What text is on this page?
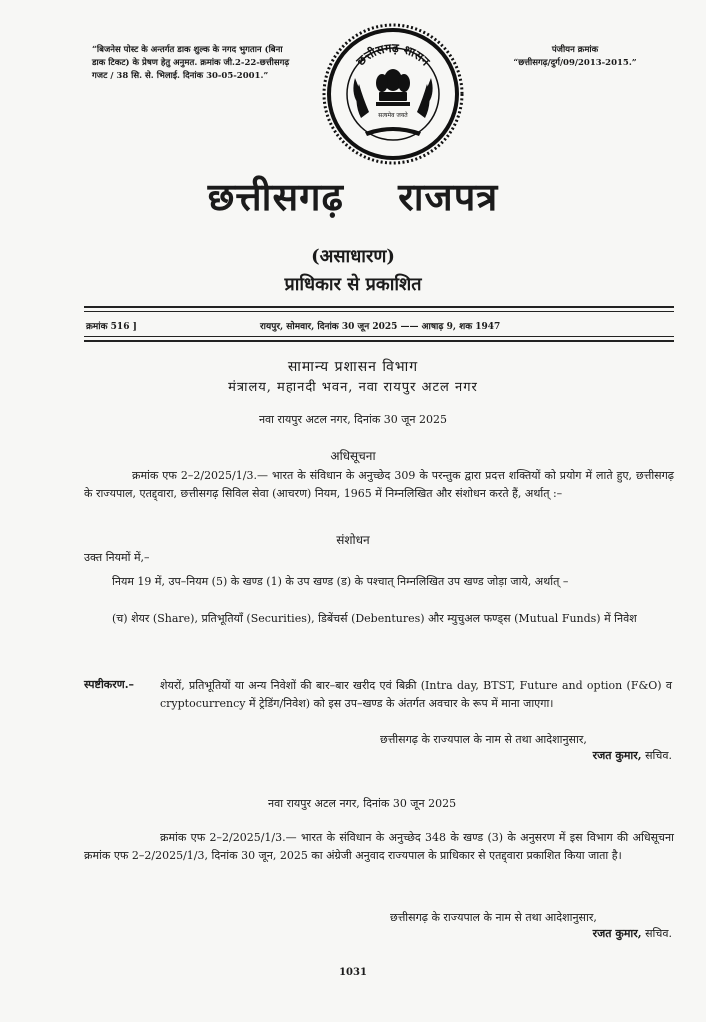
“बिजनेस पोस्ट के अन्तर्गत डाक शुल्क के नगद भुगतान (बिना डाक टिकट) के प्रेषण हेतु अनुमत. क्रमांक जी.2-22-छत्तीसगढ़ गजट / 38 सि. से. भिलाई. दिनांक 30-05-2001.”
पंजीयन क्रमांक
“छत्तीसगढ़/दुर्ग/09/2013-2015.”
छत्तीसगढ़ शासन
सत्यमेव जयते
छत्तीसगढ़ राजपत्र
(असाधारण)
प्राधिकार से प्रकाशित
क्रमांक 516 ]	रायपुर, सोमवार, दिनांक 30 जून 2025 —— आषाढ़ 9, शक 1947
सामान्य प्रशासन विभाग
मंत्रालय, महानदी भवन, नवा रायपुर अटल नगर
नवा रायपुर अटल नगर, दिनांक 30 जून 2025
अधिसूचना
क्रमांक एफ 2–2/2025/1/3.— भारत के संविधान के अनुच्छेद 309 के परन्तुक द्वारा प्रदत्त शक्तियों को प्रयोग में लाते हुए, छत्तीसगढ़ के राज्यपाल, एतद्द्वारा, छत्तीसगढ़ सिविल सेवा (आचरण) नियम, 1965 में निम्नलिखित और संशोधन करते हैं, अर्थात् :–
संशोधन
उक्त नियमों में,–
नियम 19 में, उप–नियम (5) के खण्ड (1) के उप खण्ड (ड) के पश्चात् निम्नलिखित उप खण्ड जोड़ा जाये, अर्थात् –
(च) शेयर (Share), प्रतिभूतियाँ (Securities), डिबेंचर्स (Debentures) और म्युचुअल फण्ड्स (Mutual Funds) में निवेश
स्पष्टीकरण.– शेयरों, प्रतिभूतियों या अन्य निवेशों की बार–बार खरीद एवं बिक्री (Intra day, BTST, Future and option (F&O) व cryptocurrency में ट्रेडिंग/निवेश) को इस उप–खण्ड के अंतर्गत अवचार के रूप में माना जाएगा।
छत्तीसगढ़ के राज्यपाल के नाम से तथा आदेशानुसार,
रजत कुमार, सचिव.
नवा रायपुर अटल नगर, दिनांक 30 जून 2025
क्रमांक एफ 2–2/2025/1/3.— भारत के संविधान के अनुच्छेद 348 के खण्ड (3) के अनुसरण में इस विभाग की अधिसूचना क्रमांक एफ 2–2/2025/1/3, दिनांक 30 जून, 2025 का अंग्रेजी अनुवाद राज्यपाल के प्राधिकार से एतद्द्वारा प्रकाशित किया जाता है।
छत्तीसगढ़ के राज्यपाल के नाम से तथा आदेशानुसार,
रजत कुमार, सचिव.
1031
